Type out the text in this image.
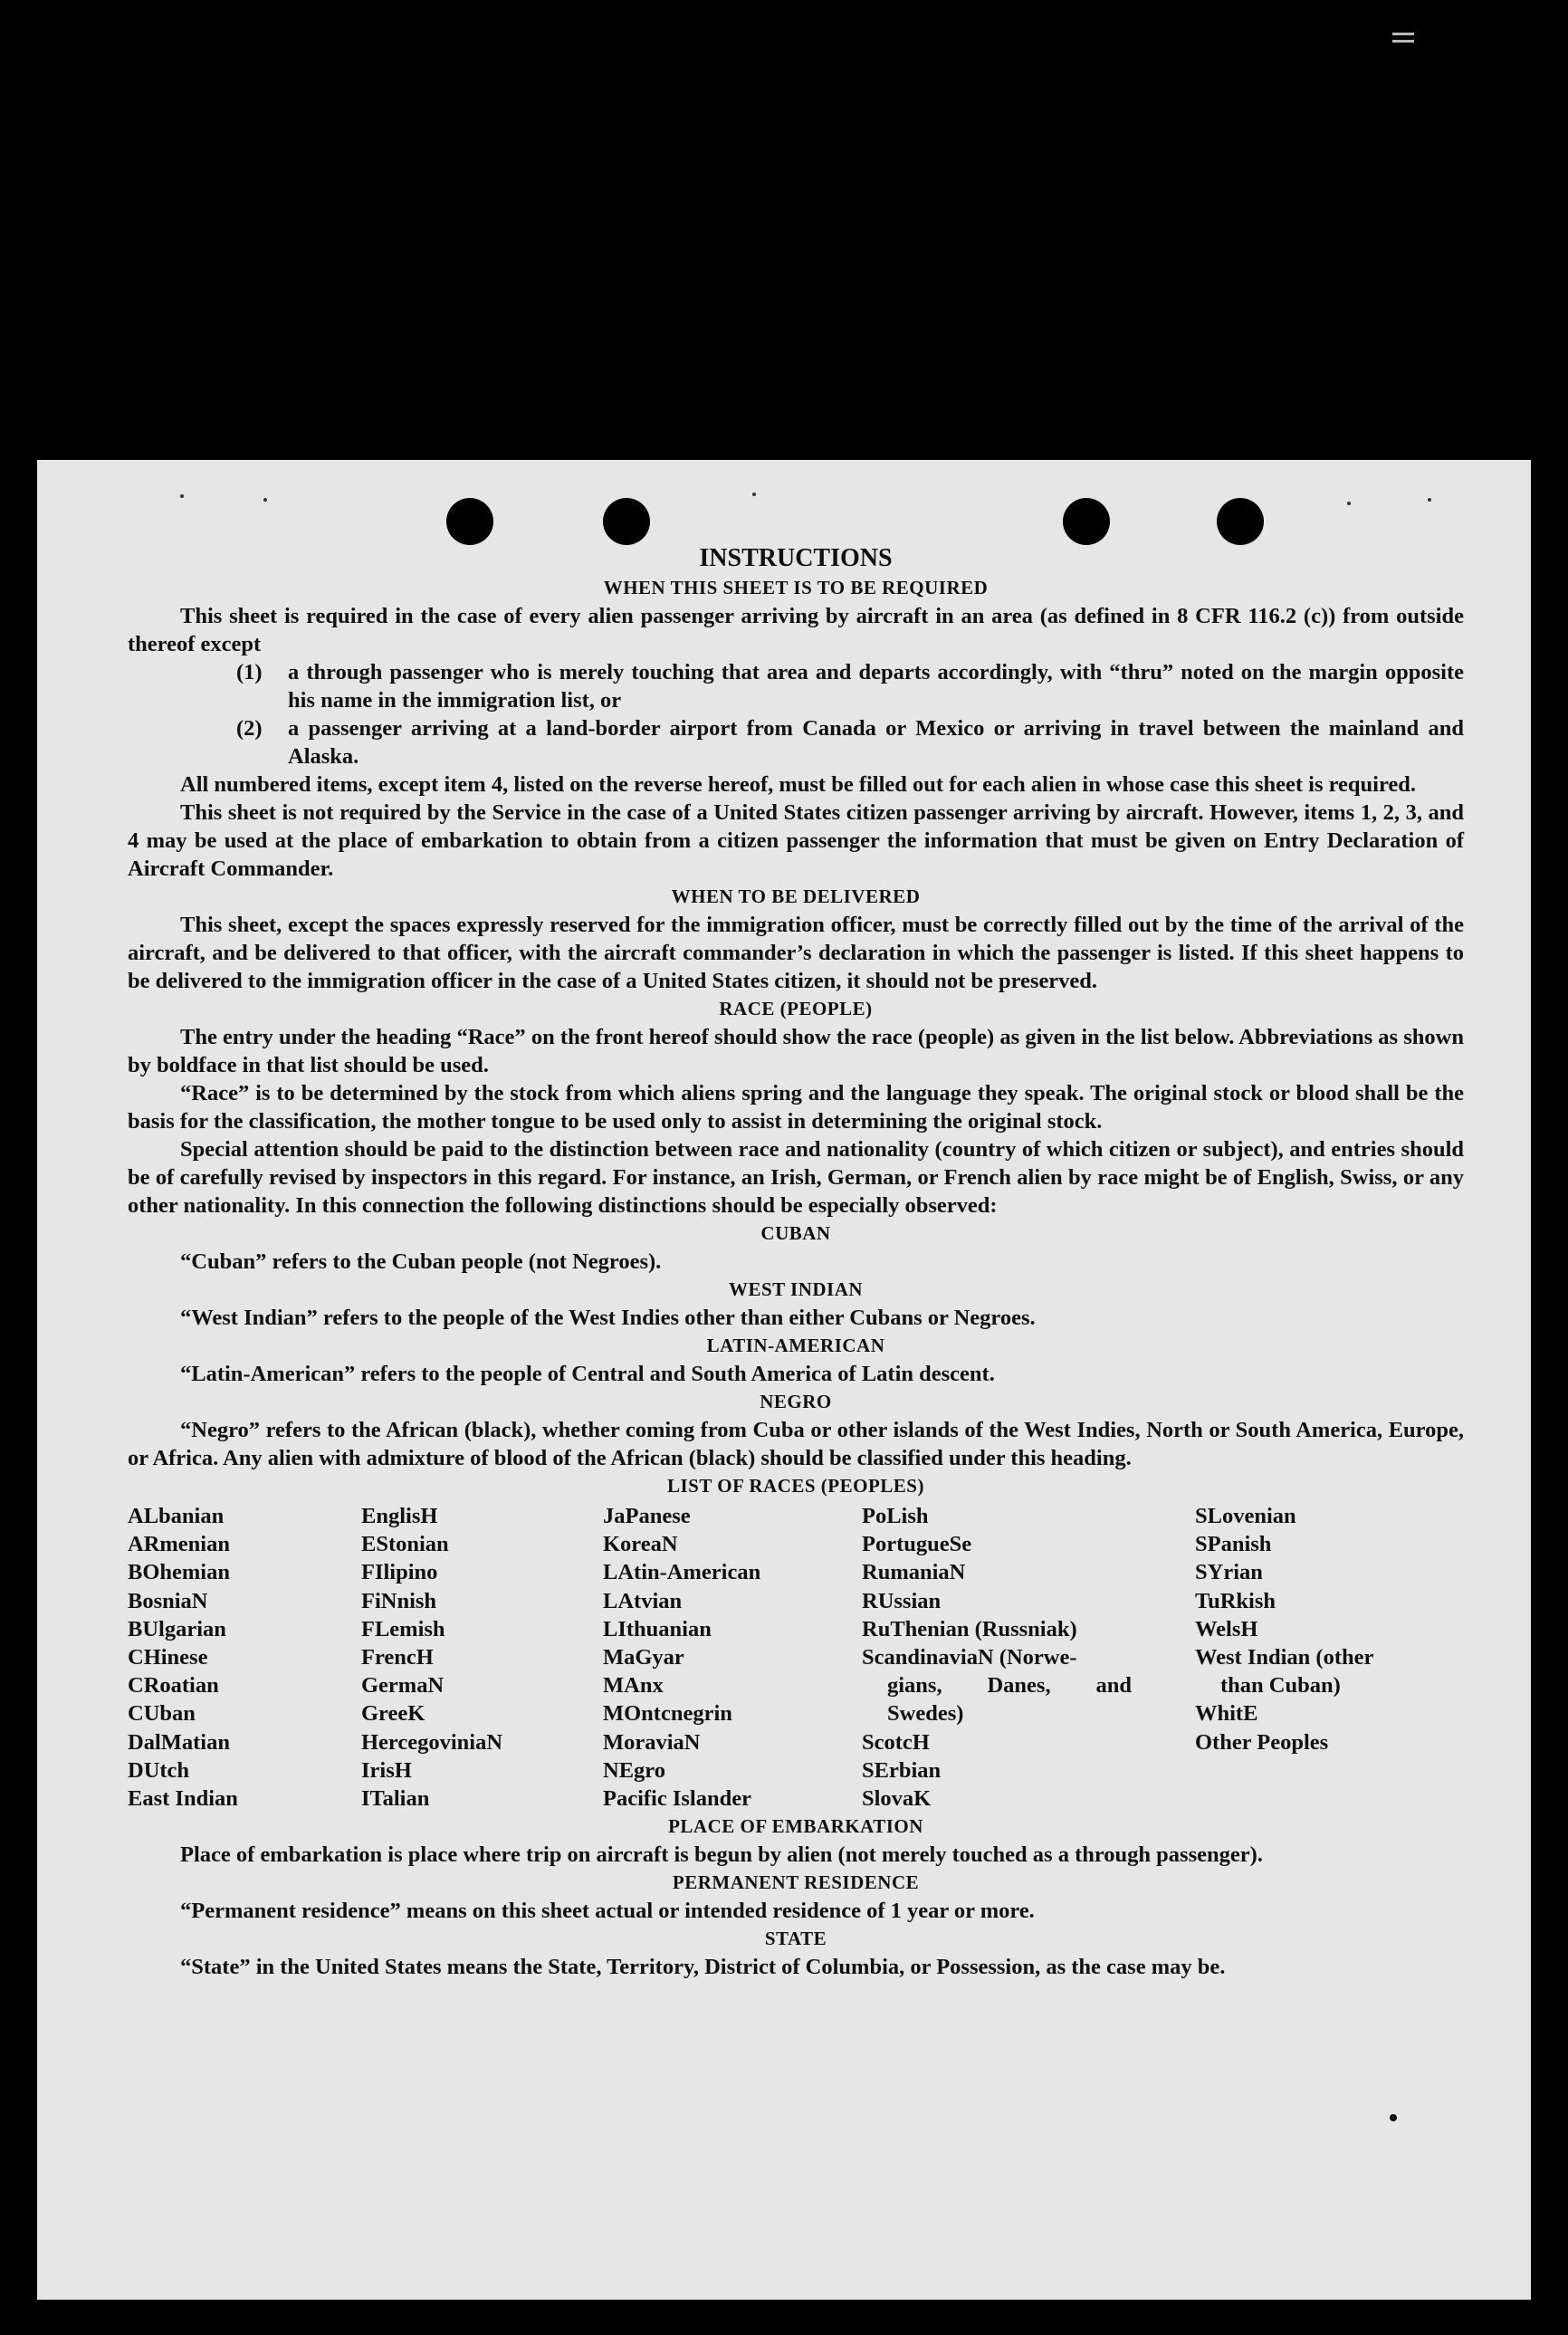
INSTRUCTIONS
WHEN THIS SHEET IS TO BE REQUIRED

This sheet is required in the case of every alien passenger arriving by aircraft in an area (as defined in 8 CFR 116.2 (c)) from outside thereof except

(1)	a through passenger who is merely touching that area and departs accordingly, with “thru” noted on the margin opposite his name in the immigration list, or
(2)	a passenger arriving at a land-border airport from Canada or Mexico or arriving in travel between the mainland and Alaska.

All numbered items, except item 4, listed on the reverse hereof, must be filled out for each alien in whose case this sheet is required.

This sheet is not required by the Service in the case of a United States citizen passenger arriving by aircraft. However, items 1, 2, 3, and 4 may be used at the place of embarkation to obtain from a citizen passenger the information that must be given on Entry Declaration of Aircraft Commander.

WHEN TO BE DELIVERED

This sheet, except the spaces expressly reserved for the immigration officer, must be correctly filled out by the time of the arrival of the aircraft, and be delivered to that officer, with the aircraft commander’s declaration in which the passenger is listed. If this sheet happens to be delivered to the immigration officer in the case of a United States citizen, it should not be preserved.

RACE (PEOPLE)

The entry under the heading “Race” on the front hereof should show the race (people) as given in the list below. Abbreviations as shown by boldface in that list should be used.

“Race” is to be determined by the stock from which aliens spring and the language they speak. The original stock or blood shall be the basis for the classification, the mother tongue to be used only to assist in determining the original stock.

Special attention should be paid to the distinction between race and nationality (country of which citizen or subject), and entries should be of carefully revised by inspectors in this regard. For instance, an Irish, German, or French alien by race might be of English, Swiss, or any other nationality. In this connection the following distinctions should be especially observed:

CUBAN

“Cuban” refers to the Cuban people (not Negroes).

WEST INDIAN

“West Indian” refers to the people of the West Indies other than either Cubans or Negroes.

LATIN-AMERICAN

“Latin-American” refers to the people of Central and South America of Latin descent.

NEGRO

“Negro” refers to the African (black), whether coming from Cuba or other islands of the West Indies, North or South America, Europe, or Africa. Any alien with admixture of blood of the African (black) should be classified under this heading.

LIST OF RACES (PEOPLES)
ALbanian
ARmenian
BOhemian
BosniaN
BUlgarian
CHinese
CRoatian
CUban
DalMatian
DUtch
East Indian
EnglisH
EStonian
FIlipino
FiNnish
FLemish
FrencH
GermaN
GreeK
HercegoviniaN
IrisH
ITalian
JaPanese
KoreaN
LAtin-American
LAtvian
LIthuanian
MaGyar
MAnx
MOntcnegrin
MoraviaN
NEgro
Pacific Islander
PoLish
PortugueSe
RumaniaN
RUssian
RuThenian (Russniak)
ScandinaviaN (Norwe-
gians, Danes, and
Swedes)
ScotcH
SErbian
SlovaK
SLovenian
SPanish
SYrian
TuRkish
WelsH
West Indian (other
than Cuban)
WhitE
Other Peoples
PLACE OF EMBARKATION

Place of embarkation is place where trip on aircraft is begun by alien (not merely touched as a through passenger).

PERMANENT RESIDENCE

“Permanent residence” means on this sheet actual or intended residence of 1 year or more.

STATE

“State” in the United States means the State, Territory, District of Columbia, or Possession, as the case may be.
